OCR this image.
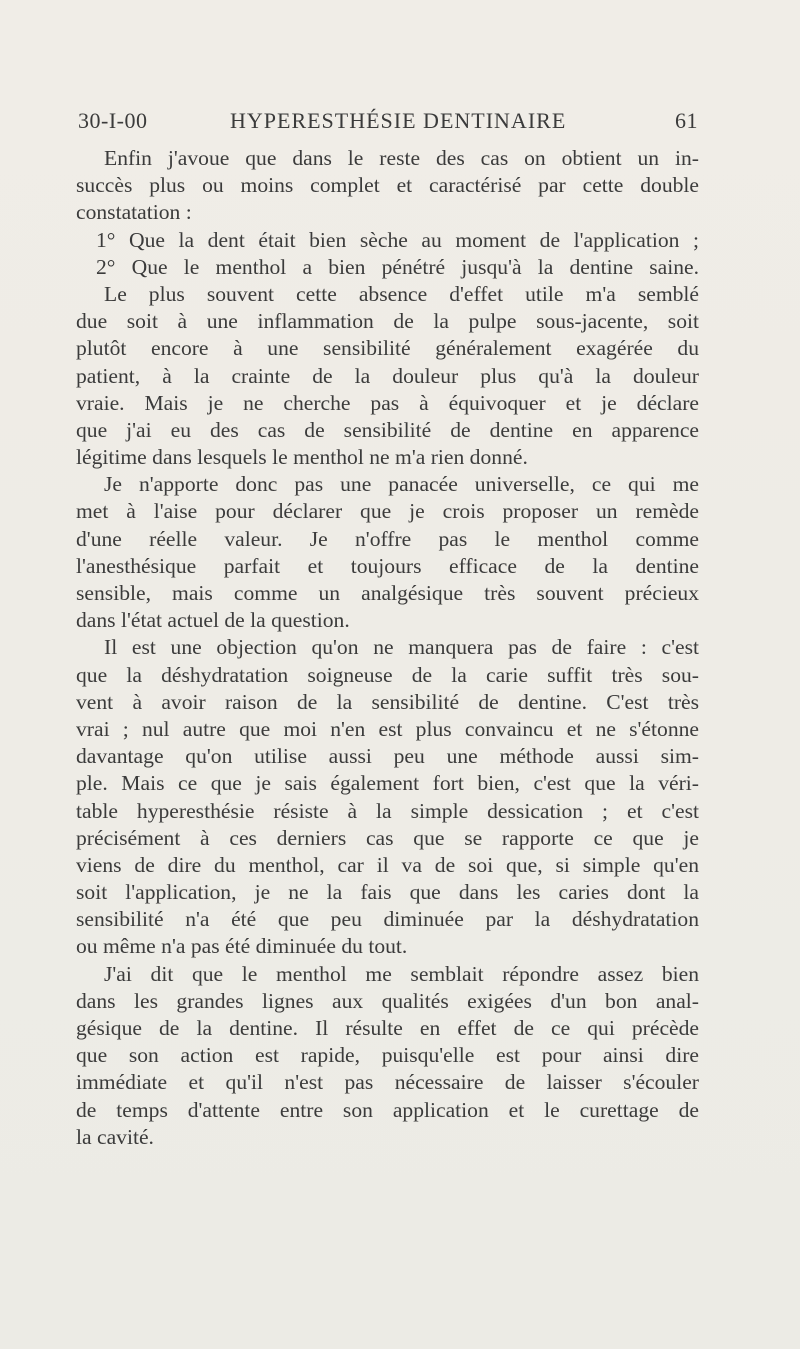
30-I-00	HYPERESTHÉSIE DENTINAIRE	61
Enfin j'avoue que dans le reste des cas on obtient un in-
succès plus ou moins complet et caractérisé par cette double
constatation :
1° Que la dent était bien sèche au moment de l'application ;
2° Que le menthol a bien pénétré jusqu'à la dentine saine.
Le plus souvent cette absence d'effet utile m'a semblé
due soit à une inflammation de la pulpe sous-jacente, soit
plutôt encore à une sensibilité généralement exagérée du
patient, à la crainte de la douleur plus qu'à la douleur
vraie. Mais je ne cherche pas à équivoquer et je déclare
que j'ai eu des cas de sensibilité de dentine en apparence
légitime dans lesquels le menthol ne m'a rien donné.
Je n'apporte donc pas une panacée universelle, ce qui me
met à l'aise pour déclarer que je crois proposer un remède
d'une réelle valeur. Je n'offre pas le menthol comme
l'anesthésique parfait et toujours efficace de la dentine
sensible, mais comme un analgésique très souvent précieux
dans l'état actuel de la question.
Il est une objection qu'on ne manquera pas de faire : c'est
que la déshydratation soigneuse de la carie suffit très sou-
vent à avoir raison de la sensibilité de dentine. C'est très
vrai ; nul autre que moi n'en est plus convaincu et ne s'étonne
davantage qu'on utilise aussi peu une méthode aussi sim-
ple. Mais ce que je sais également fort bien, c'est que la véri-
table hyperesthésie résiste à la simple dessication ; et c'est
précisément à ces derniers cas que se rapporte ce que je
viens de dire du menthol, car il va de soi que, si simple qu'en
soit l'application, je ne la fais que dans les caries dont la
sensibilité n'a été que peu diminuée par la déshydratation
ou même n'a pas été diminuée du tout.
J'ai dit que le menthol me semblait répondre assez bien
dans les grandes lignes aux qualités exigées d'un bon anal-
gésique de la dentine. Il résulte en effet de ce qui précède
que son action est rapide, puisqu'elle est pour ainsi dire
immédiate et qu'il n'est pas nécessaire de laisser s'écouler
de temps d'attente entre son application et le curettage de
la cavité.
